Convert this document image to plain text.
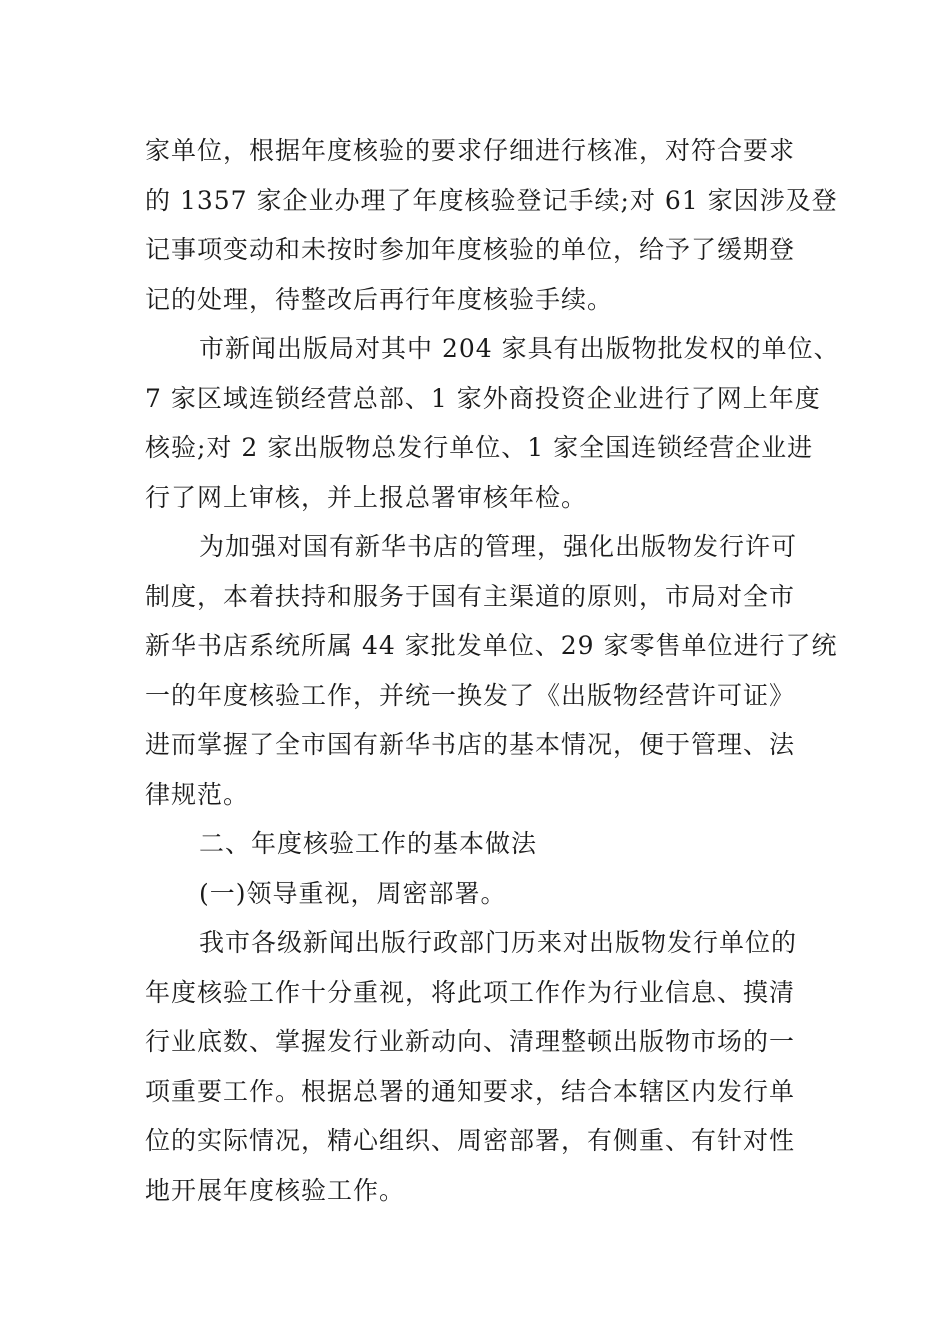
家单位，根据年度核验的要求仔细进行核准，对符合要求
的 1357 家企业办理了年度核验登记手续;对 61 家因涉及登
记事项变动和未按时参加年度核验的单位，给予了缓期登
记的处理，待整改后再行年度核验手续。
市新闻出版局对其中 204 家具有出版物批发权的单位、
7 家区域连锁经营总部、1 家外商投资企业进行了网上年度
核验;对 2 家出版物总发行单位、1 家全国连锁经营企业进
行了网上审核，并上报总署审核年检。
为加强对国有新华书店的管理，强化出版物发行许可
制度，本着扶持和服务于国有主渠道的原则，市局对全市
新华书店系统所属 44 家批发单位、29 家零售单位进行了统
一的年度核验工作，并统一换发了《出版物经营许可证》
进而掌握了全市国有新华书店的基本情况，便于管理、法
律规范。
二、年度核验工作的基本做法
(一)领导重视，周密部署。
我市各级新闻出版行政部门历来对出版物发行单位的
年度核验工作十分重视，将此项工作作为行业信息、摸清
行业底数、掌握发行业新动向、清理整顿出版物市场的一
项重要工作。根据总署的通知要求，结合本辖区内发行单
位的实际情况，精心组织、周密部署，有侧重、有针对性
地开展年度核验工作。
